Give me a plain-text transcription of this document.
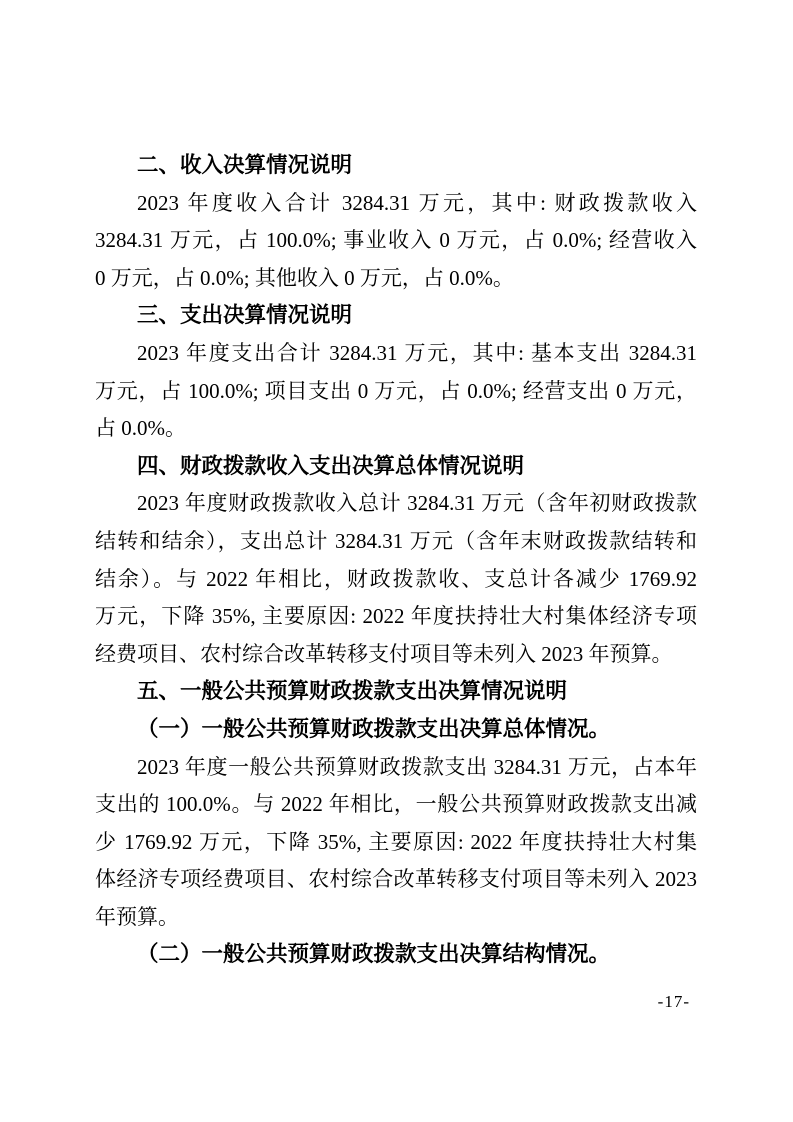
二、收入决算情况说明
2023 年度收入合计 3284.31 万元，其中: 财政拨款收入
3284.31 万元，占 100.0%; 事业收入 0 万元，占 0.0%; 经营收入
0 万元，占 0.0%; 其他收入 0 万元，占 0.0%。
三、支出决算情况说明
2023 年度支出合计 3284.31 万元，其中: 基本支出 3284.31
万元，占 100.0%; 项目支出 0 万元，占 0.0%; 经营支出 0 万元，
占 0.0%。
四、财政拨款收入支出决算总体情况说明
2023 年度财政拨款收入总计 3284.31 万元（含年初财政拨款
结转和结余），支出总计 3284.31 万元（含年末财政拨款结转和
结余）。与 2022 年相比，财政拨款收、支总计各减少 1769.92
万元，下降 35%, 主要原因: 2022 年度扶持壮大村集体经济专项
经费项目、农村综合改革转移支付项目等未列入 2023 年预算。
五、一般公共预算财政拨款支出决算情况说明
（一）一般公共预算财政拨款支出决算总体情况。
2023 年度一般公共预算财政拨款支出 3284.31 万元，占本年
支出的 100.0%。与 2022 年相比，一般公共预算财政拨款支出减
少 1769.92 万元，下降 35%, 主要原因: 2022 年度扶持壮大村集
体经济专项经费项目、农村综合改革转移支付项目等未列入 2023
年预算。
（二）一般公共预算财政拨款支出决算结构情况。
-17-
